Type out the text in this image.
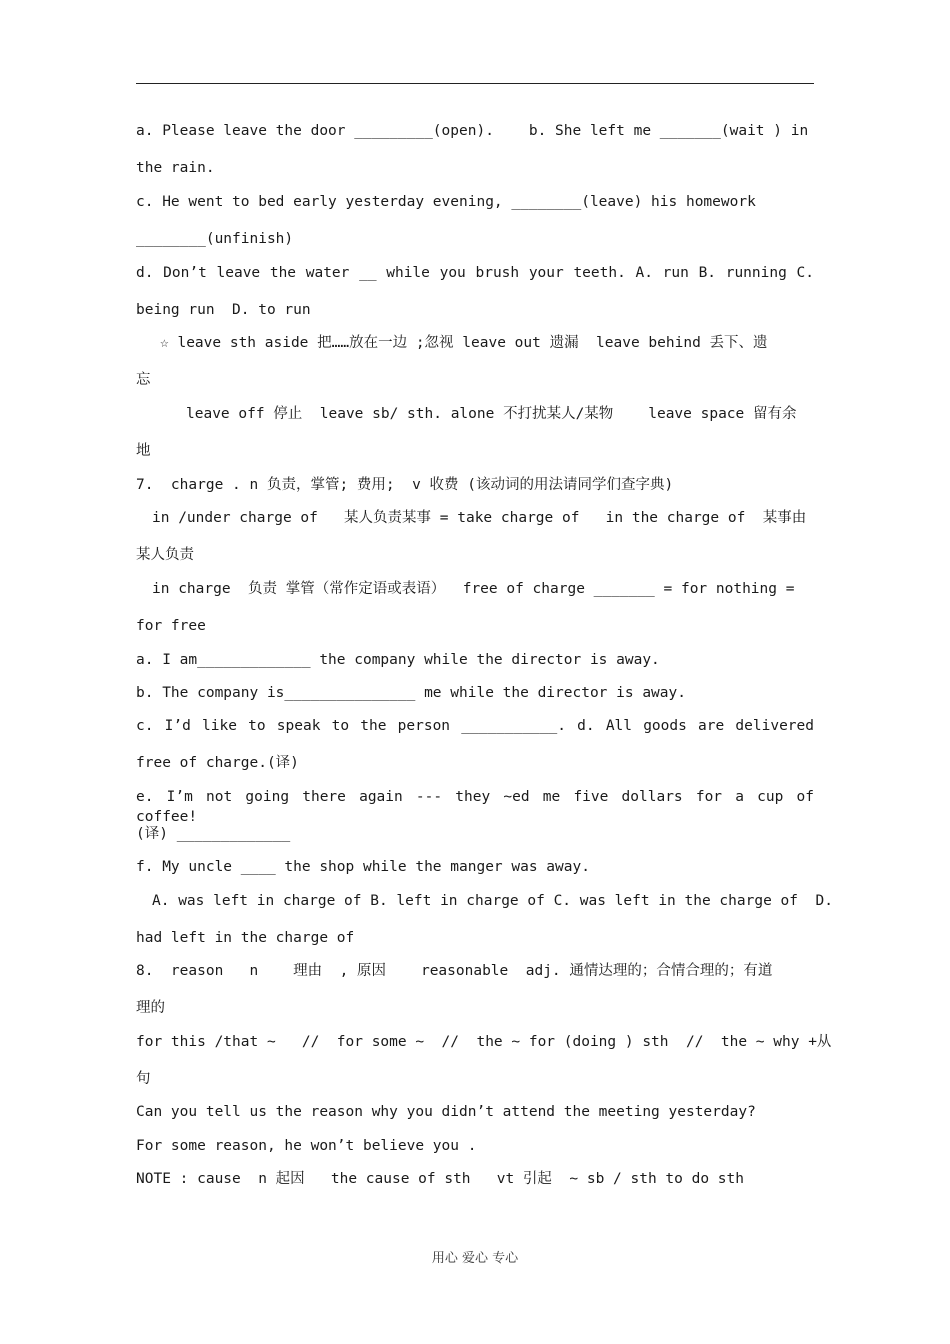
a. Please leave the door _________(open).    b. She left me _______(wait ) in
the rain.
c. He went to bed early yesterday evening, ________(leave) his homework
________(unfinish)
d. Don’t leave the water __ while you brush your teeth. A. run B. running C.
being run  D. to run
☆ leave sth aside 把……放在一边 ;忽视 leave out 遗漏  leave behind 丢下、遗
忘
leave off 停止  leave sb/ sth. alone 不打扰某人/某物    leave space 留有余
地
7.  charge . n 负责，掌管; 费用;  v 收费 (该动词的用法请同学们查字典)
in /under charge of   某人负责某事 = take charge of   in the charge of  某事由
某人负责
in charge  负责 掌管（常作定语或表语）  free of charge _______ = for nothing =
for free
a. I am_____________ the company while the director is away.
b. The company is_______________ me while the director is away.
c. I’d like to speak to the person ___________. d. All goods are delivered
free of charge.(译)
e. I’m not going there again --- they ~ed me five dollars for a cup of coffee!
(译) _____________
f. My uncle ____ the shop while the manger was away.
A. was left in charge of B. left in charge of C. was left in the charge of  D.
had left in the charge of
8.  reason   n    理由  , 原因    reasonable  adj. 通情达理的；合情合理的；有道
理的
for this /that ~   //  for some ~  //  the ~ for (doing ) sth  //  the ~ why +从
句
Can you tell us the reason why you didn’t attend the meeting yesterday?
For some reason, he won’t believe you .
NOTE : cause  n 起因   the cause of sth   vt 引起  ~ sb / sth to do sth
用心 爱心 专心
